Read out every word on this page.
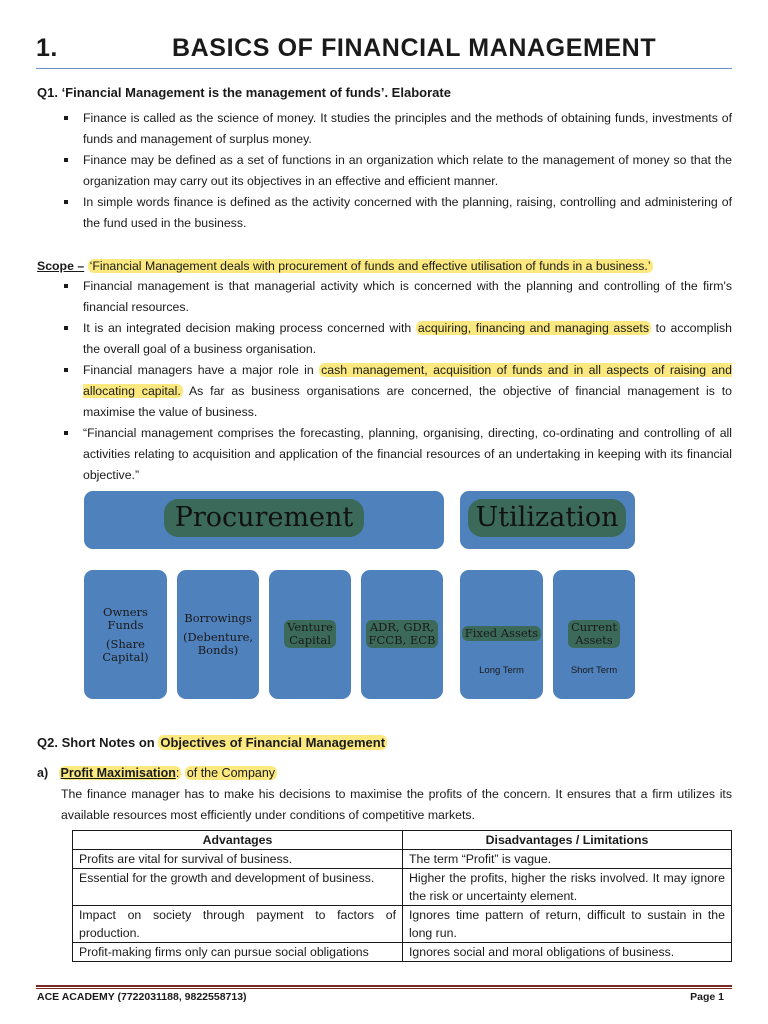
1.	BASICS OF FINANCIAL MANAGEMENT
Q1. ‘Financial Management is the management of funds’. Elaborate
Finance is called as the science of money. It studies the principles and the methods of obtaining funds, investments of funds and management of surplus money.
Finance may be defined as a set of functions in an organization which relate to the management of money so that the organization may carry out its objectives in an effective and efficient manner.
In simple words finance is defined as the activity concerned with the planning, raising, controlling and administering of the fund used in the business.
Scope – ‘Financial Management deals with procurement of funds and effective utilisation of funds in a business.’
Financial management is that managerial activity which is concerned with the planning and controlling of the firm's financial resources.
It is an integrated decision making process concerned with acquiring, financing and managing assets to accomplish the overall goal of a business organisation.
Financial managers have a major role in cash management, acquisition of funds and in all aspects of raising and allocating capital. As far as business organisations are concerned, the objective of financial management is to maximise the value of business.
“Financial management comprises the forecasting, planning, organising, directing, co-ordinating and controlling of all activities relating to acquisition and application of the financial resources of an undertaking in keeping with its financial objective.”
Procurement	Utilization
Owners
Funds
(Share
Capital)
Borrowings
(Debenture,
Bonds)
Venture
Capital
ADR, GDR,
FCCB, ECB	Fixed Assets
Long Term
Current
Assets
Short Term
Q2. Short Notes on Objectives of Financial Management
a) Profit Maximisation: of the Company
The finance manager has to make his decisions to maximise the profits of the concern. It ensures that a firm utilizes its available resources most efficiently under conditions of competitive markets.
Advantages	Disadvantages / Limitations
Profits are vital for survival of business.	The term “Profit” is vague.
Essential for the growth and development of business.	Higher the profits, higher the risks involved. It may ignore the risk or uncertainty element.
Impact on society through payment to factors of production.	Ignores time pattern of return, difficult to sustain in the long run.
Profit-making firms only can pursue social obligations	Ignores social and moral obligations of business.
ACE ACADEMY (7722031188, 9822558713)	Page 1
